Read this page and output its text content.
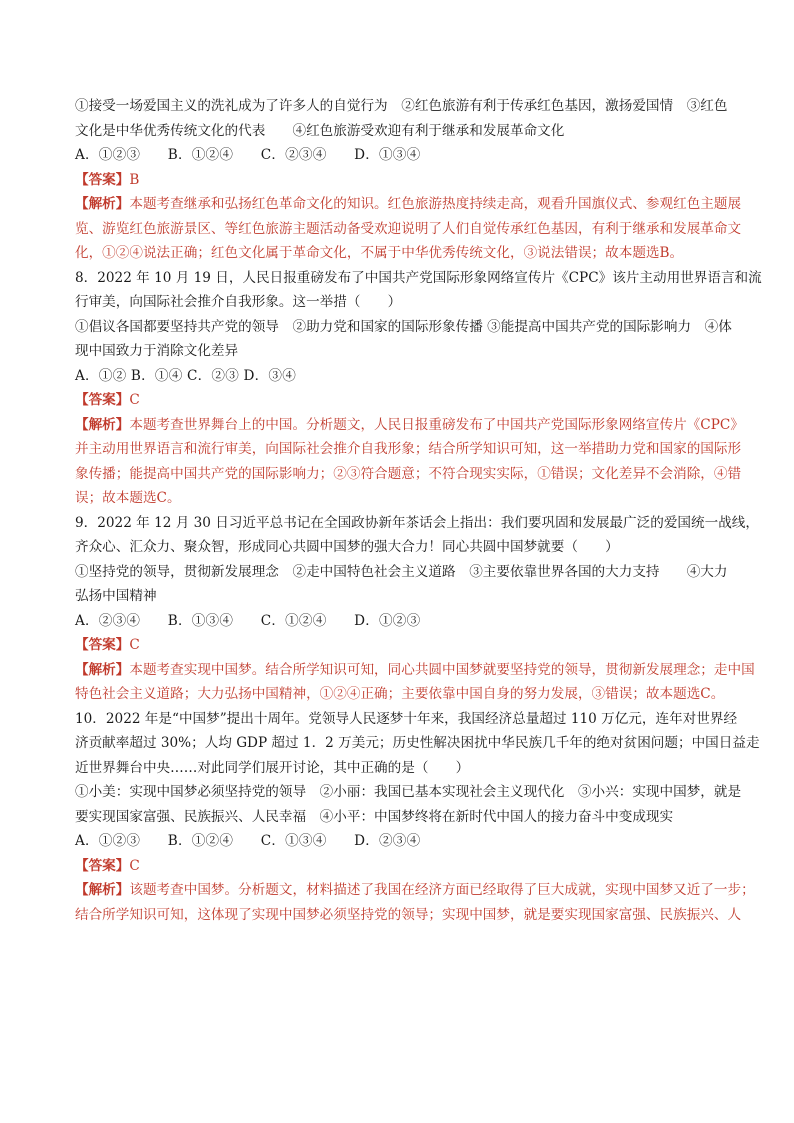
①接受一场爱国主义的洗礼成为了许多人的自觉行为　②红色旅游有利于传承红色基因，激扬爱国情　③红色
文化是中华优秀传统文化的代表　　④红色旅游受欢迎有利于继承和发展革命文化
A．①②③　　B．①②④　　C．②③④　　D．①③④
【答案】B
【解析】本题考查继承和弘扬红色革命文化的知识。红色旅游热度持续走高，观看升国旗仪式、参观红色主题展
览、游览红色旅游景区、等红色旅游主题活动备受欢迎说明了人们自觉传承红色基因，有利于继承和发展革命文
化，①②④说法正确；红色文化属于革命文化，不属于中华优秀传统文化，③说法错误；故本题选B。
8．2022 年 10 月 19 日，人民日报重磅发布了中国共产党国际形象网络宣传片《CPC》该片主动用世界语言和流
行审美，向国际社会推介自我形象。这一举措（　　）
①倡议各国都要坚持共产党的领导　②助力党和国家的国际形象传播 ③能提高中国共产党的国际影响力　④体
现中国致力于消除文化差异
A．①② B．①④ C．②③ D．③④
【答案】C
【解析】本题考查世界舞台上的中国。分析题文，人民日报重磅发布了中国共产党国际形象网络宣传片《CPC》
并主动用世界语言和流行审美，向国际社会推介自我形象；结合所学知识可知，这一举措助力党和国家的国际形
象传播；能提高中国共产党的国际影响力；②③符合题意；不符合现实实际，①错误；文化差异不会消除，④错
误；故本题选C。
9．2022 年 12 月 30 日习近平总书记在全国政协新年茶话会上指出：我们要巩固和发展最广泛的爱国统一战线，
齐众心、汇众力、聚众智，形成同心共圆中国梦的强大合力！同心共圆中国梦就要（　　）
①坚持党的领导，贯彻新发展理念　②走中国特色社会主义道路　③主要依靠世界各国的大力支持　　④大力
弘扬中国精神
A．②③④　　B．①③④　　C．①②④　　D．①②③
【答案】C
【解析】本题考查实现中国梦。结合所学知识可知，同心共圆中国梦就要坚持党的领导，贯彻新发展理念；走中国
特色社会主义道路；大力弘扬中国精神，①②④正确；主要依靠中国自身的努力发展，③错误；故本题选C。
10．2022 年是“中国梦”提出十周年。党领导人民逐梦十年来，我国经济总量超过 110 万亿元，连年对世界经
济贡献率超过 30%；人均 GDP 超过 1．2 万美元；历史性解决困扰中华民族几千年的绝对贫困问题；中国日益走
近世界舞台中央……对此同学们展开讨论，其中正确的是（　　）
①小美：实现中国梦必须坚持党的领导　②小丽：我国已基本实现社会主义现代化　③小兴：实现中国梦，就是
要实现国家富强、民族振兴、人民幸福　④小平：中国梦终将在新时代中国人的接力奋斗中变成现实
A．①②③　　B．①②④　　C．①③④　　D．②③④
【答案】C
【解析】该题考查中国梦。分析题文，材料描述了我国在经济方面已经取得了巨大成就，实现中国梦又近了一步；
结合所学知识可知，这体现了实现中国梦必须坚持党的领导；实现中国梦，就是要实现国家富强、民族振兴、人
